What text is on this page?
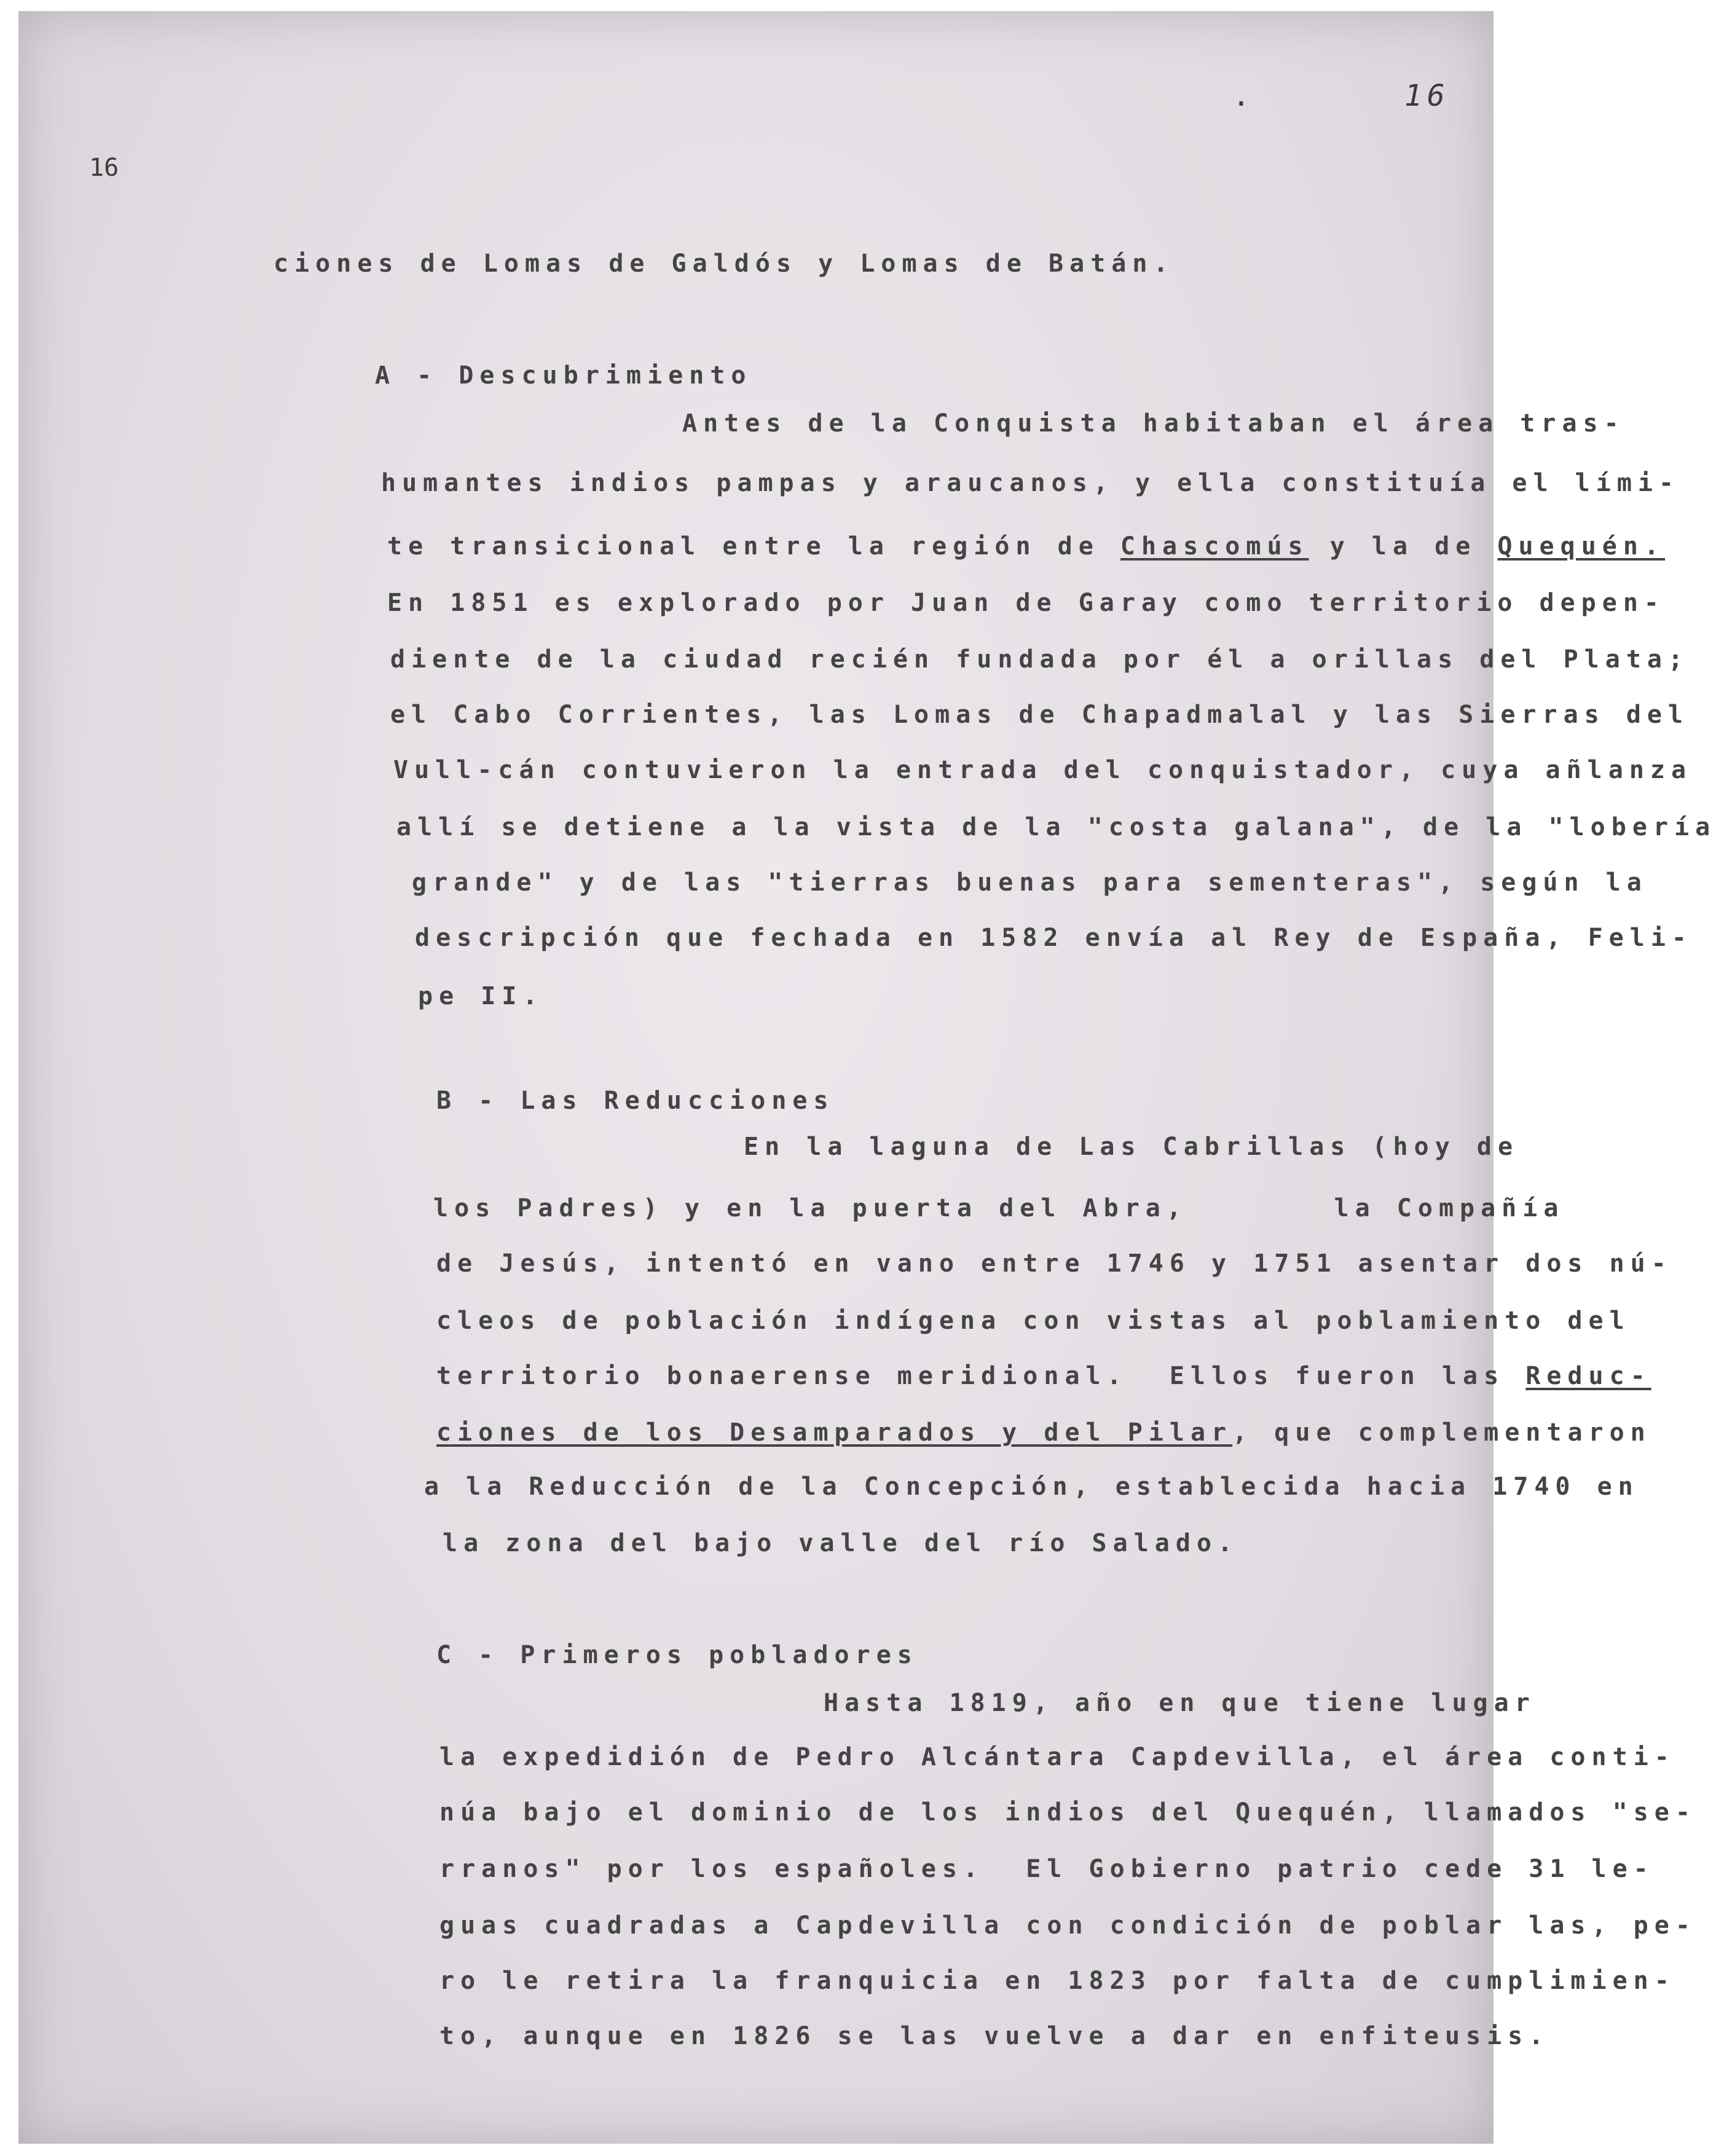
16
.	16
ciones de Lomas de Galdós y Lomas de Batán.
A - Descubrimiento
Antes de la Conquista habitaban el área tras-
humantes indios pampas y araucanos, y ella constituía el lími-
te transicional entre la región de Chascomús y la de Quequén.
En 1851 es explorado por Juan de Garay como territorio depen-
diente de la ciudad recién fundada por él a orillas del Plata;
el Cabo Corrientes, las Lomas de Chapadmalal y las Sierras del
Vull-cán contuvieron la entrada del conquistador, cuya añlanza
allí se detiene a la vista de la "costa galana", de la "lobería
grande" y de las "tierras buenas para sementeras", según la
descripción que fechada en 1582 envía al Rey de España, Feli-
pe II.
B - Las Reducciones
En la laguna de Las Cabrillas (hoy de
los Padres) y en la puerta del Abra,       la Compañía
de Jesús, intentó en vano entre 1746 y 1751 asentar dos nú-
cleos de población indígena con vistas al poblamiento del
territorio bonaerense meridional.  Ellos fueron las Reduc-
ciones de los Desamparados y del Pilar, que complementaron
a la Reducción de la Concepción, establecida hacia 1740 en
la zona del bajo valle del río Salado.
C - Primeros pobladores
Hasta 1819, año en que tiene lugar
la expedidión de Pedro Alcántara Capdevilla, el área conti-
núa bajo el dominio de los indios del Quequén, llamados "se-
rranos" por los españoles.  El Gobierno patrio cede 31 le-
guas cuadradas a Capdevilla con condición de poblar las, pe-
ro le retira la franquicia en 1823 por falta de cumplimien-
to, aunque en 1826 se las vuelve a dar en enfiteusis.
